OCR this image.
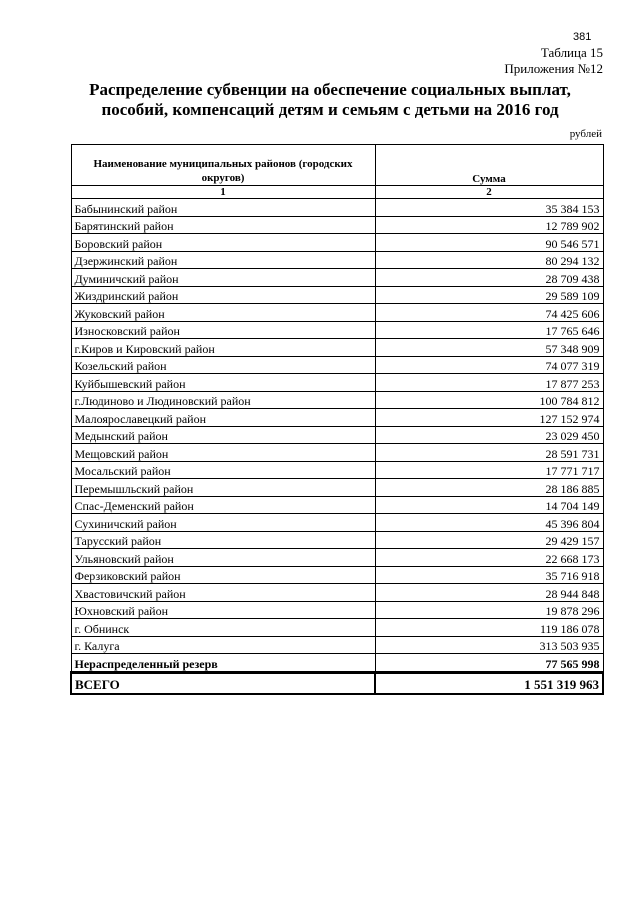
381
Таблица 15
Приложения №12
Распределение субвенции на обеспечение социальных выплат, пособий, компенсаций детям и семьям с детьми на 2016 год
рублей
Наименование муниципальных районов (городских округов)	Сумма
1	2
Бабынинский район	35 384 153
Барятинский район	12 789 902
Боровский район	90 546 571
Дзержинский район	80 294 132
Думиничский район	28 709 438
Жиздринский район	29 589 109
Жуковский район	74 425 606
Износковский район	17 765 646
г.Киров и Кировский район	57 348 909
Козельский район	74 077 319
Куйбышевский район	17 877 253
г.Людиново и Людиновский район	100 784 812
Малоярославецкий район	127 152 974
Медынский район	23 029 450
Мещовский район	28 591 731
Мосальский район	17 771 717
Перемышльский район	28 186 885
Спас-Деменский район	14 704 149
Сухиничский район	45 396 804
Тарусский район	29 429 157
Ульяновский район	22 668 173
Ферзиковский район	35 716 918
Хвастовичский район	28 944 848
Юхновский район	19 878 296
г. Обнинск	119 186 078
г. Калуга	313 503 935
Нераспределенный резерв	77 565 998
ВСЕГО	1 551 319 963
